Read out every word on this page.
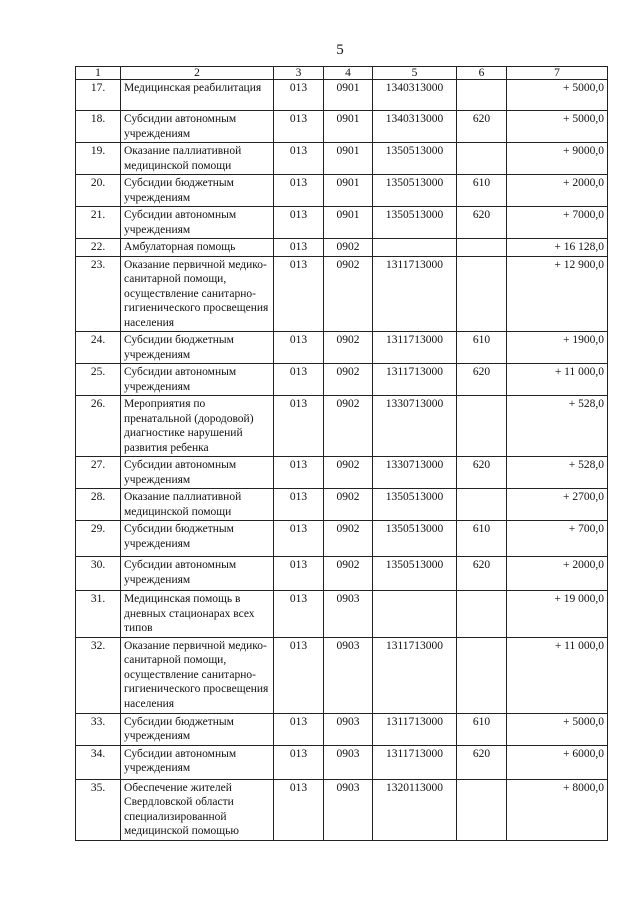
5
1	2	3	4	5	6	7
17.	Медицинская реабилитация	013	0901	1340313000		+ 5000,0
18.	Субсидии автономным учреждениям	013	0901	1340313000	620	+ 5000,0
19.	Оказание паллиативной медицинской помощи	013	0901	1350513000		+ 9000,0
20.	Субсидии бюджетным учреждениям	013	0901	1350513000	610	+ 2000,0
21.	Субсидии автономным учреждениям	013	0901	1350513000	620	+ 7000,0
22.	Амбулаторная помощь	013	0902			+ 16 128,0
23.	Оказание первичной медико-санитарной помощи, осуществление санитарно-гигиенического просвещения населения	013	0902	1311713000		+ 12 900,0
24.	Субсидии бюджетным учреждениям	013	0902	1311713000	610	+ 1900,0
25.	Субсидии автономным учреждениям	013	0902	1311713000	620	+ 11 000,0
26.	Мероприятия по пренатальной (дородовой) диагностике нарушений развития ребенка	013	0902	1330713000		+ 528,0
27.	Субсидии автономным учреждениям	013	0902	1330713000	620	+ 528,0
28.	Оказание паллиативной медицинской помощи	013	0902	1350513000		+ 2700,0
29.	Субсидии бюджетным учреждениям	013	0902	1350513000	610	+ 700,0
30.	Субсидии автономным учреждениям	013	0902	1350513000	620	+ 2000,0
31.	Медицинская помощь в дневных стационарах всех типов	013	0903			+ 19 000,0
32.	Оказание первичной медико-санитарной помощи, осуществление санитарно-гигиенического просвещения населения	013	0903	1311713000		+ 11 000,0
33.	Субсидии бюджетным учреждениям	013	0903	1311713000	610	+ 5000,0
34.	Субсидии автономным учреждениям	013	0903	1311713000	620	+ 6000,0
35.	Обеспечение жителей Свердловской области специализированной медицинской помощью	013	0903	1320113000		+ 8000,0
